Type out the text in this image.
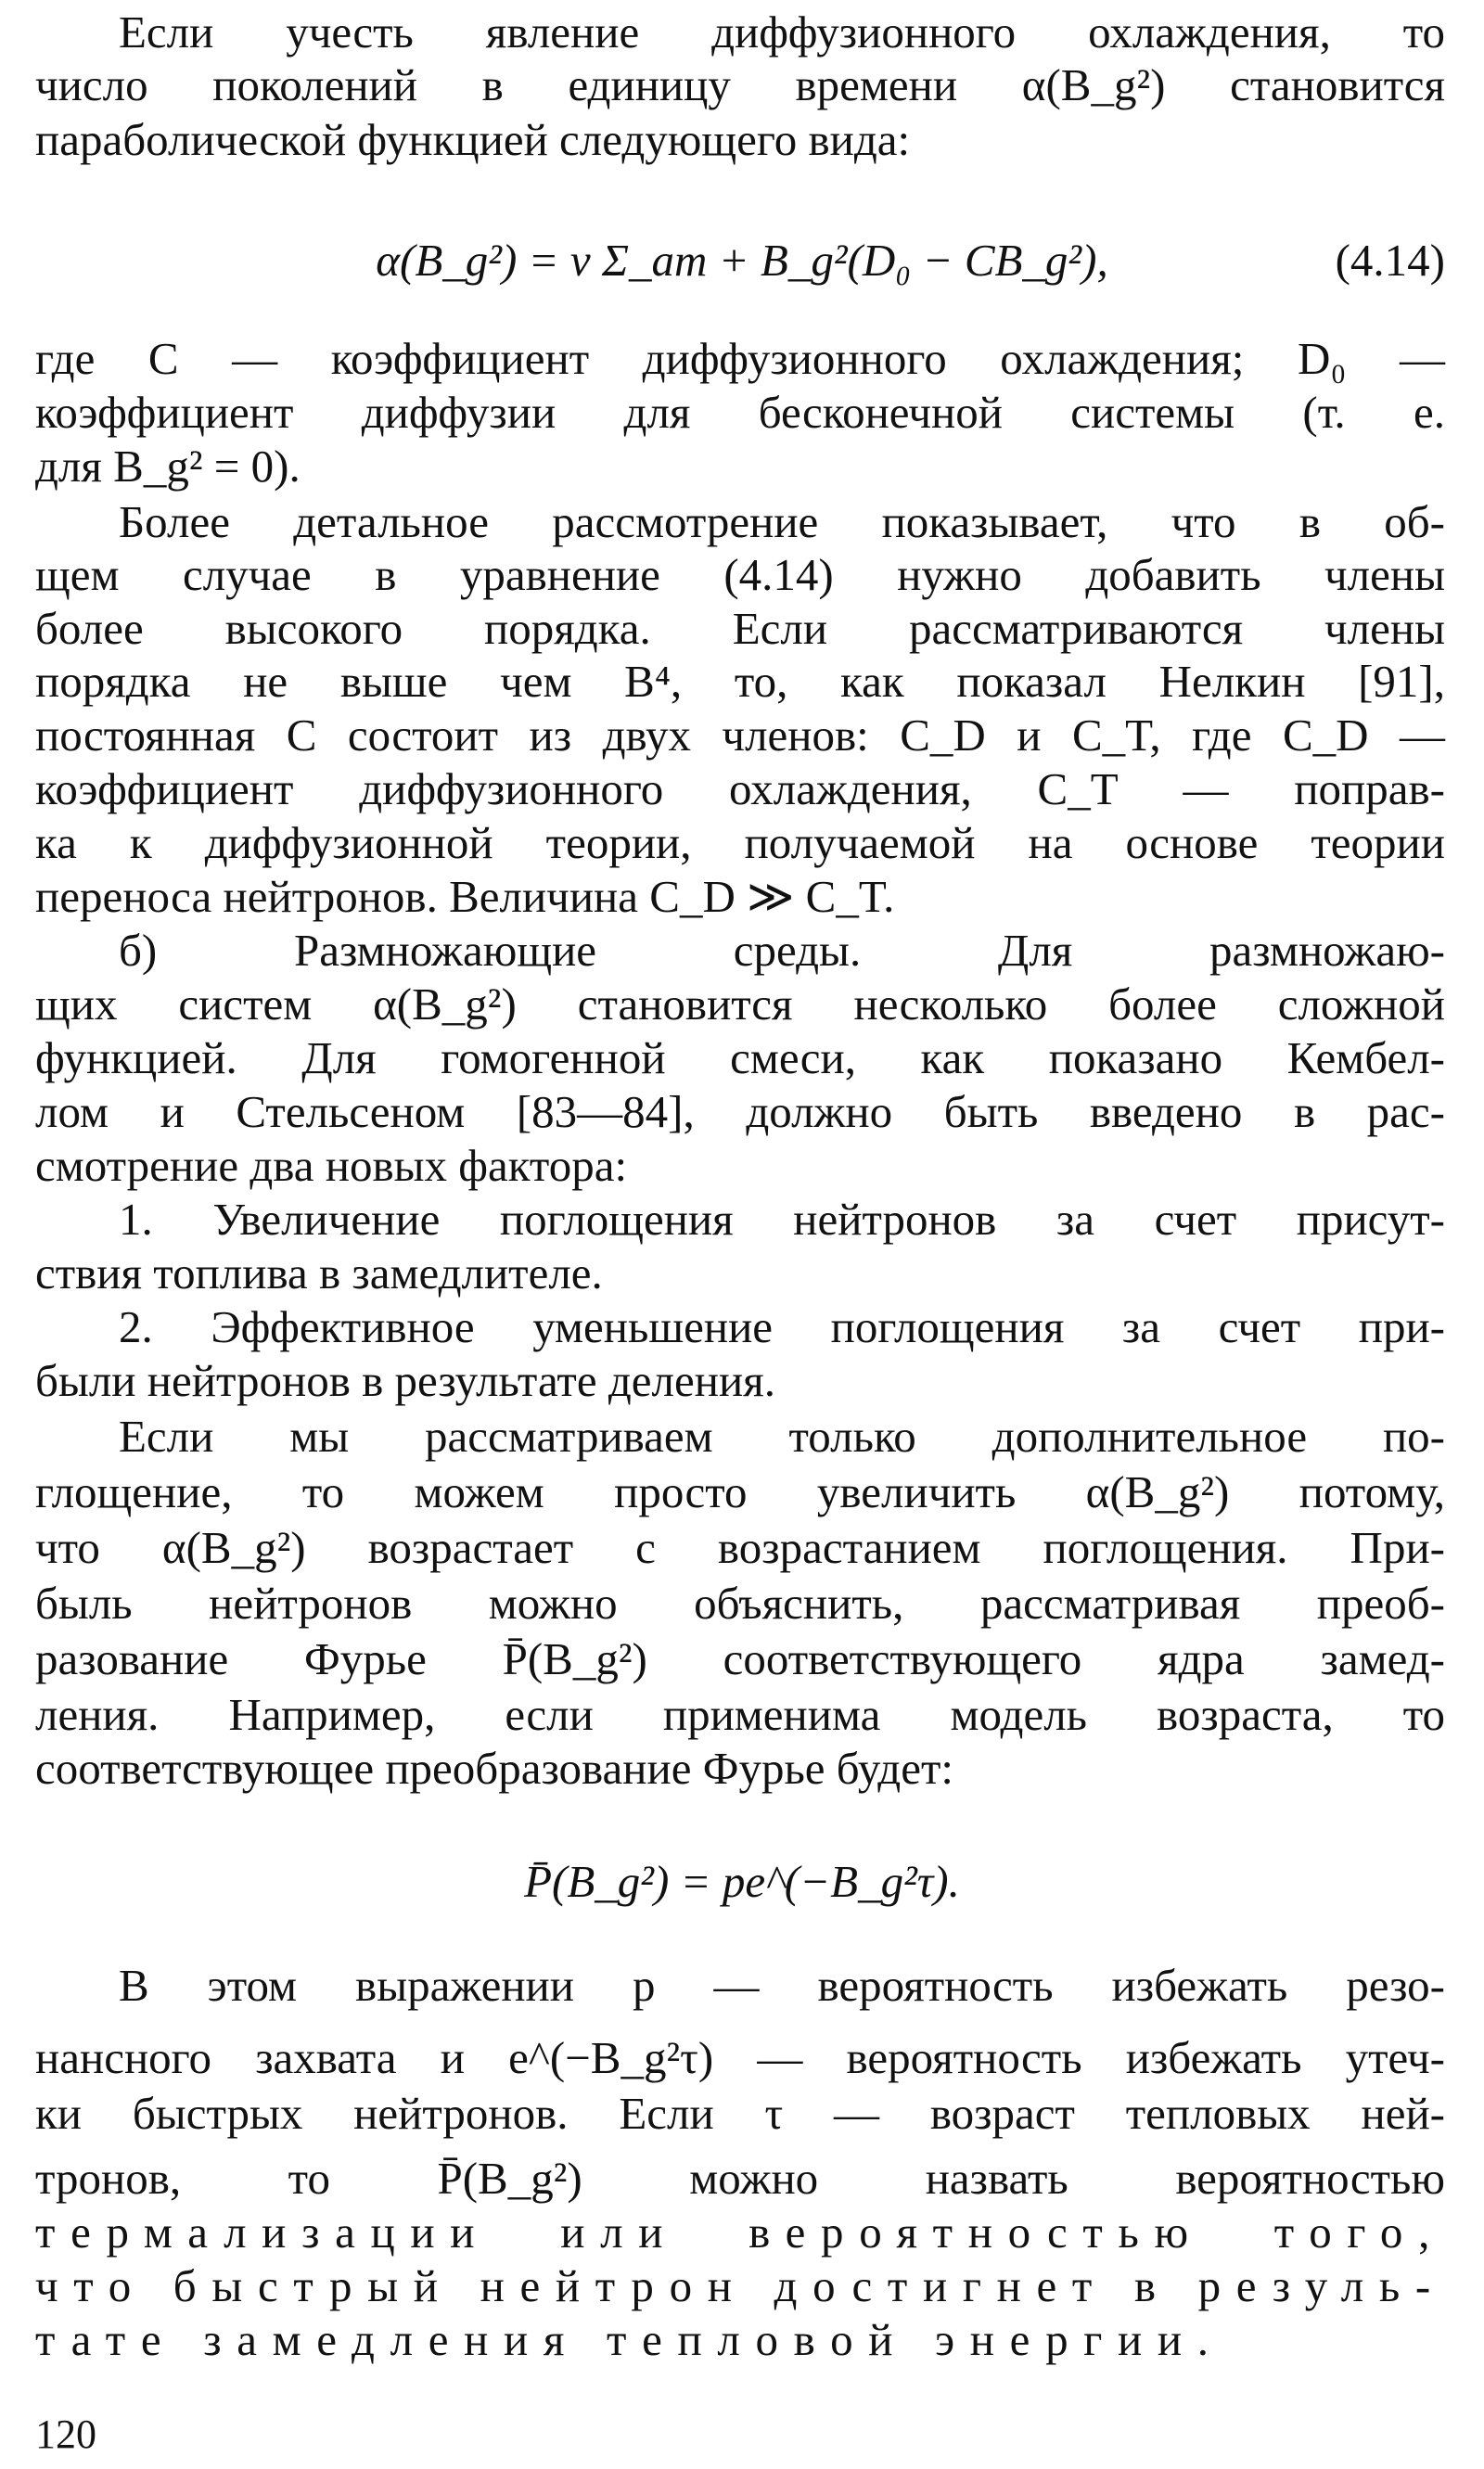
Если учесть явление диффузионного охлаждения, то
число поколений в единицу времени α(B_g²) становится
параболической функцией следующего вида:
α(B_g²) = v Σ_am + B_g²(D₀ − CB_g²),	(4.14)
где C — коэффициент диффузионного охлаждения; D₀ —
коэффициент диффузии для бесконечной системы (т. е.
для B_g² = 0).
Более детальное рассмотрение показывает, что в об-
щем случае в уравнение (4.14) нужно добавить члены
более высокого порядка. Если рассматриваются члены
порядка не выше чем B⁴, то, как показал Нелкин [91],
постоянная C состоит из двух членов: C_D и C_T, где C_D —
коэффициент диффузионного охлаждения, C_T — поправ-
ка к диффузионной теории, получаемой на основе теории
переноса нейтронов. Величина C_D ≫ C_T.
б) Размножающие среды. Для размножаю-
щих систем α(B_g²) становится несколько более сложной
функцией. Для гомогенной смеси, как показано Кембел-
лом и Стельсеном [83—84], должно быть введено в рас-
смотрение два новых фактора:
1. Увеличение поглощения нейтронов за счет присут-
ствия топлива в замедлителе.
2. Эффективное уменьшение поглощения за счет при-
были нейтронов в результате деления.
Если мы рассматриваем только дополнительное по-
глощение, то можем просто увеличить α(B_g²) потому,
что α(B_g²) возрастает с возрастанием поглощения. При-
быль нейтронов можно объяснить, рассматривая преоб-
разование Фурье P̄(B_g²) соответствующего ядра замед-
ления. Например, если применима модель возраста, то
соответствующее преобразование Фурье будет:
P̄(B_g²) = pe^(−B_g²τ).
В этом выражении p — вероятность избежать резо-
нансного захвата и e^(−B_g²τ) — вероятность избежать утеч-
ки быстрых нейтронов. Если τ — возраст тепловых ней-
тронов, то P̄(B_g²) можно назвать вероятностью
термализации или вероятностью того,
что быстрый нейтрон достигнет в резуль-
тате замедления тепловой энергии.
120
